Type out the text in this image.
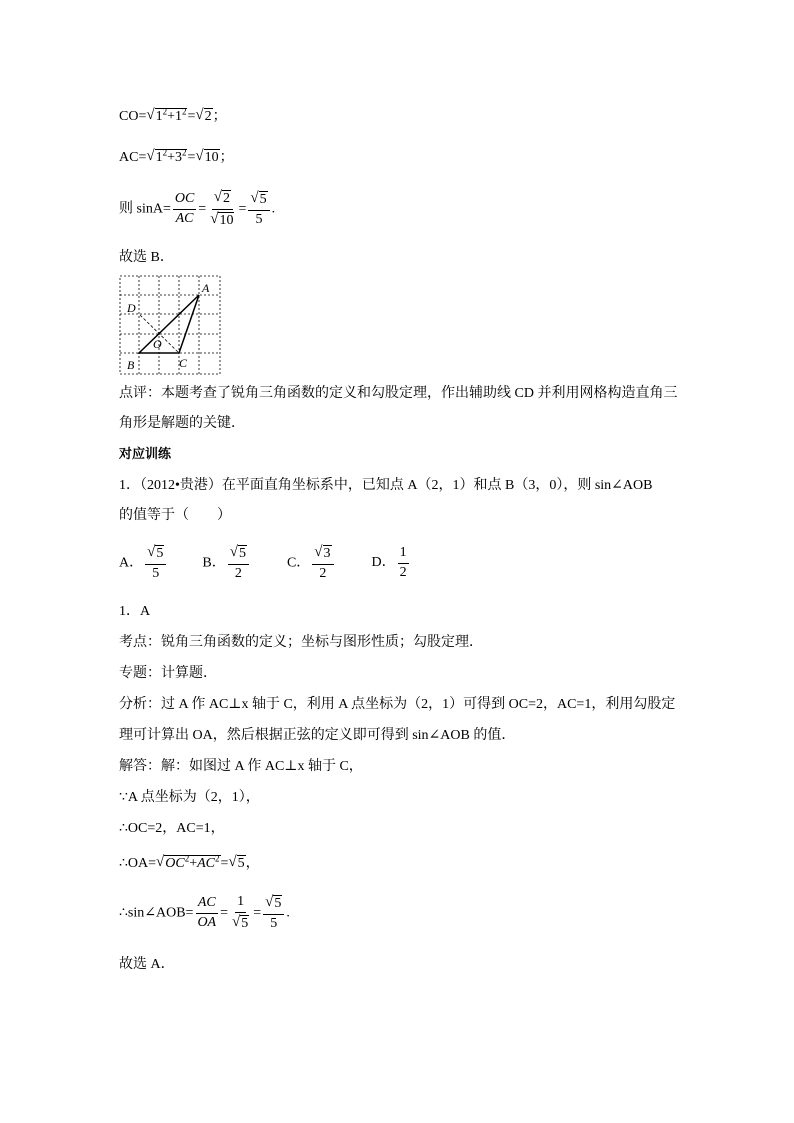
CO= √ $1^2+1^2$ = √ 2 ；
AC= √ $1^2+3^2$ = √ 10 ；
则 $\sin A= \frac{OC}{AC} = \frac{√ 2}{√ 10} = \frac{√ 5}{5}$ .
故选 B．
A
D
O
B	C
点评：本题考查了锐角三角函数的定义和勾股定理，作出辅助线 CD 并利用网格构造直角三
角形是解题的关键．
对应训练
1．（2012•贵港）在平面直角坐标系中，已知点 A（2，1）和点 B（3，0），则 sin∠AOB
的值等于（　　）
A． $\frac{√ 5}{5}$	B． $\frac{√ 5}{2}$	C． $\frac{√ 3}{2}$	D． $\frac{1}{2}$
1．A
考点：锐角三角函数的定义；坐标与图形性质；勾股定理．
专题：计算题．
分析：过 A 作 AC⊥x 轴于 C，利用 A 点坐标为（2，1）可得到 OC=2，AC=1，利用勾股定
理可计算出 OA，然后根据正弦的定义即可得到 sin∠AOB 的值．
解答：解：如图过 A 作 AC⊥x 轴于 C，
∵A 点坐标为（2，1），
∴OC=2，AC=1，
∴OA= √ $OC^2+AC^2$ = √ 5 ，
∴sin∠AOB= $\frac{AC}{OA} = \frac{1}{√ 5} = \frac{√ 5}{5}$ .
故选 A．
